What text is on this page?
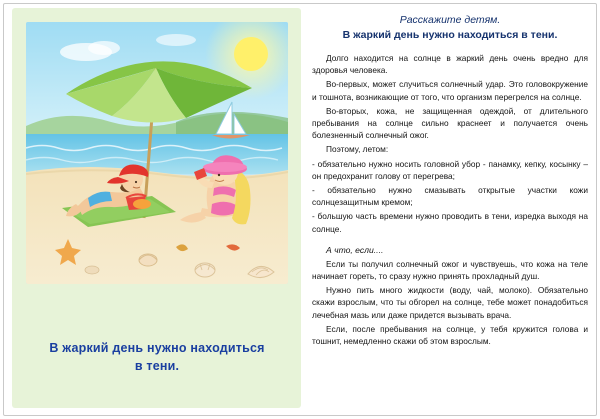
В жаркий день нужно находиться
в тени.
Расскажите детям.
В жаркий день нужно находиться в тени.

Долго находится на солнце в жаркий день очень вредно для здоровья человека.

Во-первых, может случиться солнечный удар. Это головокружение и тошнота, возникающие от того, что организм перегрелся на солнце.

Во-вторых, кожа, не защищенная одеждой, от длительного пребывания на солнце сильно краснеет и получается очень болезненный солнечный ожог.

Поэтому, летом:

- обязательно нужно носить головной убор - панамку, кепку, косынку – он предохранит голову от перегрева;

- обязательно нужно смазывать открытые участки кожи солнцезащитным кремом;

- большую часть времени нужно проводить в тени, изредка выходя на солнце.

А что, если....

Если ты получил солнечный ожог и чувствуешь, что кожа на теле начинает гореть, то сразу нужно принять прохладный душ.

Нужно пить много жидкости (воду, чай, молоко). Обязательно скажи взрослым, что ты обгорел на солнце, тебе может понадобиться лечебная мазь или даже придется вызывать врача.

Если, после пребывания на солнце, у тебя кружится голова и тошнит, немедленно скажи об этом взрослым.
